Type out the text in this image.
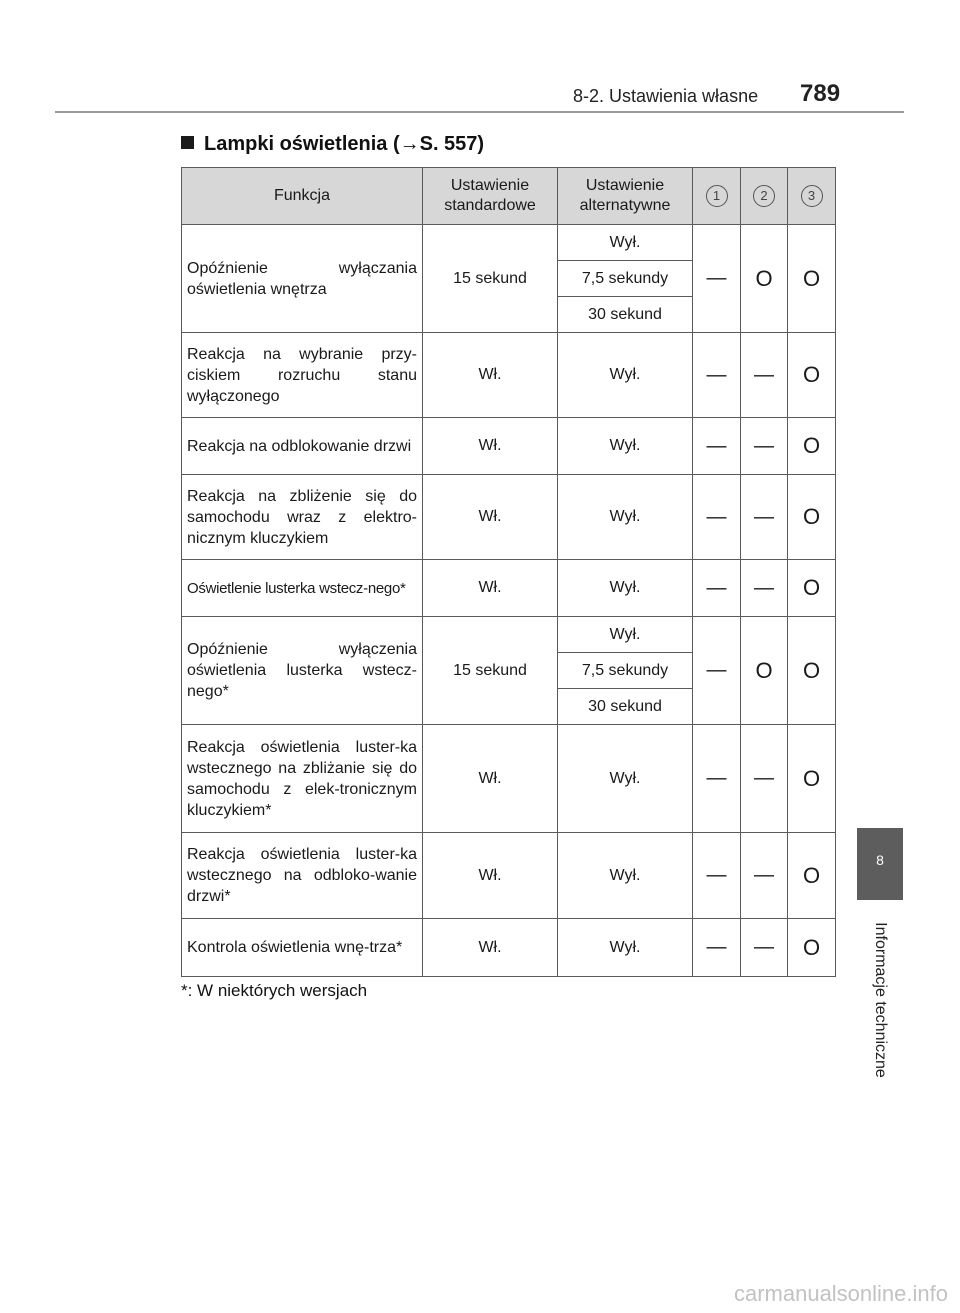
8-2. Ustawienia własne 789
Lampki oświetlenia (→S. 557)
8
Informacje techniczne
Funkcja	Ustawienie standardowe	Ustawienie alternatywne	1	2	3
Opóźnienie wyłączania oświetlenia wnętrza	15 sekund	Wył.	—	O	O
		7,5 sekundy			
		30 sekund			
Reakcja na wybranie przy-ciskiem rozruchu stanu wyłączonego	Wł.	Wył.	—	—	O
Reakcja na odblokowanie drzwi	Wł.	Wył.	—	—	O
Reakcja na zbliżenie się do samochodu wraz z elektro-nicznym kluczykiem	Wł.	Wył.	—	—	O
Oświetlenie lusterka wstecz-nego*	Wł.	Wył.	—	—	O
Opóźnienie wyłączenia oświetlenia lusterka wstecz-nego*	15 sekund	Wył.	—	O	O
		7,5 sekundy			
		30 sekund			
Reakcja oświetlenia luster-ka wstecznego na zbliżanie się do samochodu z elek-tronicznym kluczykiem*	Wł.	Wył.	—	—	O
Reakcja oświetlenia luster-ka wstecznego na odbloko-wanie drzwi*	Wł.	Wył.	—	—	O
Kontrola oświetlenia wnę-trza*	Wł.	Wył.	—	—	O
*: W niektórych wersjach
carmanualsonline.info
